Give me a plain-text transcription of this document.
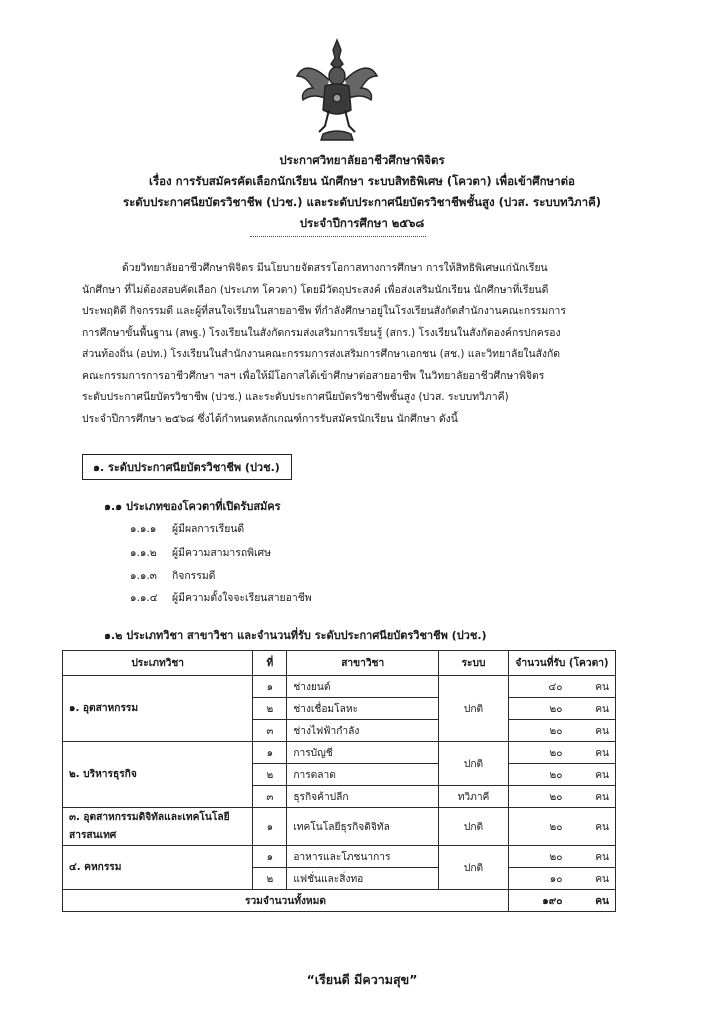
ประกาศวิทยาลัยอาชีวศึกษาพิจิตร
เรื่อง การรับสมัครคัดเลือกนักเรียน นักศึกษา ระบบสิทธิพิเศษ (โควตา) เพื่อเข้าศึกษาต่อ
ระดับประกาศนียบัตรวิชาชีพ (ปวช.) และระดับประกาศนียบัตรวิชาชีพชั้นสูง (ปวส. ระบบทวิภาคี)
ประจำปีการศึกษา ๒๕๖๘
ด้วยวิทยาลัยอาชีวศึกษาพิจิตร มีนโยบายจัดสรรโอกาสทางการศึกษา การให้สิทธิพิเศษแก่นักเรียน
นักศึกษา ที่ไม่ต้องสอบคัดเลือก (ประเภท โควตา) โดยมีวัตถุประสงค์ เพื่อส่งเสริมนักเรียน นักศึกษาที่เรียนดี
ประพฤติดี กิจกรรมดี และผู้ที่สนใจเรียนในสายอาชีพ ที่กำลังศึกษาอยู่ในโรงเรียนสังกัดสำนักงานคณะกรรมการ
การศึกษาขั้นพื้นฐาน (สพฐ.) โรงเรียนในสังกัดกรมส่งเสริมการเรียนรู้ (สกร.) โรงเรียนในสังกัดองค์กรปกครอง
ส่วนท้องถิ่น (อปท.) โรงเรียนในสำนักงานคณะกรรมการส่งเสริมการศึกษาเอกชน (สช.) และวิทยาลัยในสังกัด
คณะกรรมการการอาชีวศึกษา ฯลฯ เพื่อให้มีโอกาสได้เข้าศึกษาต่อสายอาชีพ ในวิทยาลัยอาชีวศึกษาพิจิตร
ระดับประกาศนียบัตรวิชาชีพ (ปวช.) และระดับประกาศนียบัตรวิชาชีพชั้นสูง (ปวส. ระบบทวิภาคี)
ประจำปีการศึกษา ๒๕๖๘ ซึ่งได้กำหนดหลักเกณฑ์การรับสมัครนักเรียน นักศึกษา ดังนี้
๑. ระดับประกาศนียบัตรวิชาชีพ (ปวช.)
๑.๑ ประเภทของโควตาที่เปิดรับสมัคร
๑.๑.๑	ผู้มีผลการเรียนดี
๑.๑.๒	ผู้มีความสามารถพิเศษ
๑.๑.๓	กิจกรรมดี
๑.๑.๔	ผู้มีความตั้งใจจะเรียนสายอาชีพ
๑.๒ ประเภทวิชา สาขาวิชา และจำนวนที่รับ ระดับประกาศนียบัตรวิชาชีพ (ปวช.)
ประเภทวิชา	ที่	สาขาวิชา	ระบบ	จำนวนที่รับ (โควตา)	
๑. อุตสาหกรรม	๑	ช่างยนต์	ปกติ	๔๐	คน
	๒	ช่างเชื่อมโลหะ		๒๐	คน
	๓	ช่างไฟฟ้ากำลัง		๒๐	คน
๒. บริหารธุรกิจ	๑	การบัญชี	ปกติ	๒๐	คน
	๒	การตลาด		๒๐	คน
	๓	ธุรกิจค้าปลีก	ทวิภาคี	๒๐	คน
๓. อุตสาหกรรมดิจิทัลและเทคโนโลยีสารสนเทศ	๑	เทคโนโลยีธุรกิจดิจิทัล	ปกติ	๒๐	คน
๔. คหกรรม	๑	อาหารและโภชนาการ	ปกติ	๒๐	คน
	๒	แฟชั่นและสิ่งทอ		๑๐	คน
รวมจำนวนทั้งหมด				๑๙๐	คน
“เรียนดี มีความสุข”
